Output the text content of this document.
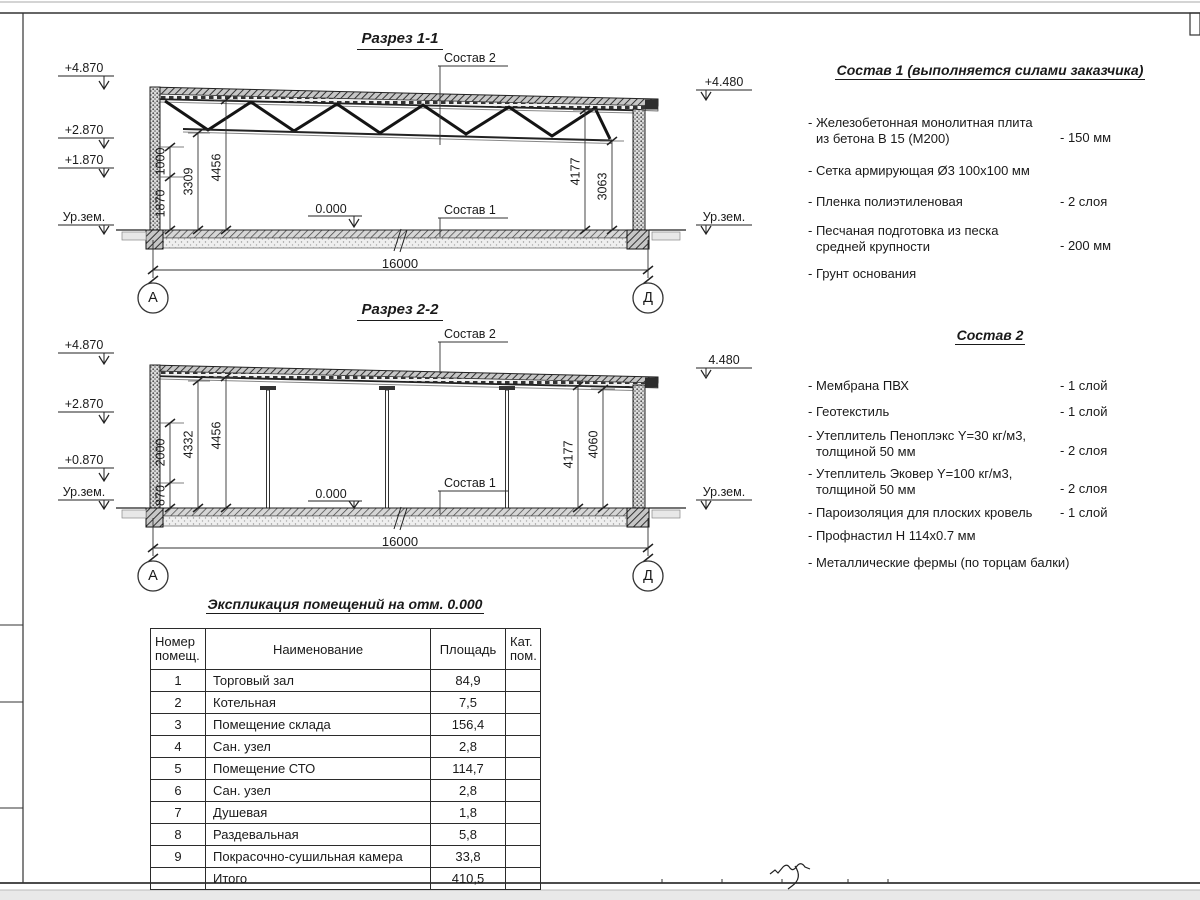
Разрез 1-1
+4.870
+2.870
+1.870
Ур.зем.
+4.480
Ур.зем.
0.000
Состав 2
Состав 1
1870
1000
3309
4456	4177
3063
16000
А	Д
Разрез 2-2
+4.870
+2.870
+0.870
Ур.зем.
4.480
Ур.зем.
0.000
Состав 2
Состав 1
870
2000 4332 4456
4177 4060
16000
А	Д
Состав 1 (выполняется силами заказчика)
- Железобетонная монолитная плита
из бетона В 15 (М200)	- 150 мм
- Сетка армирующая Ø3 100х100 мм
- Пленка полиэтиленовая	- 2 слоя
- Песчаная подготовка из песка
средней крупности	- 200 мм
- Грунт основания
Состав 2
- Мембрана ПВХ	- 1 слой
- Геотекстиль	- 1 слой
- Утеплитель Пеноплэкс Y=30 кг/м3,
толщиной 50 мм	- 2 слоя
- Утеплитель Эковер Y=100 кг/м3,
толщиной 50 мм	- 2 слоя
- Пароизоляция для плоских кровель	- 1 слой
- Профнастил Н 114х0.7 мм
- Металлические фермы (по торцам балки)
Экспликация помещений на отм. 0.000
Номер
помещ.	Наименование	Площадь	Кат.
пом.

1	Торговый зал	84,9	
2	Котельная	7,5	
3	Помещение склада	156,4	
4	Сан. узел	2,8	
5	Помещение СТО	114,7	
6	Сан. узел	2,8	
7	Душевая	1,8	
8	Раздевальная	5,8	
9	Покрасочно-сушильная камера	33,8	
	Итого	410,5	
